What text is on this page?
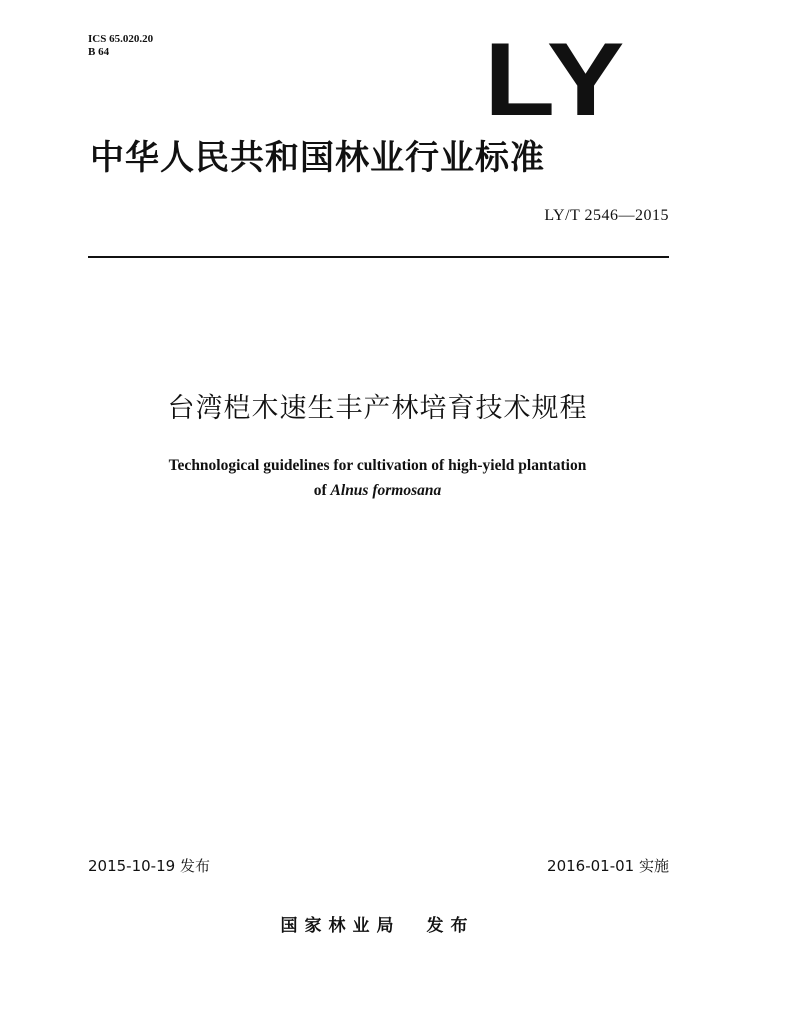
ICS 65.020.20
B 64	LY
中华人民共和国林业行业标准
LY/T 2546—2015
台湾桤木速生丰产林培育技术规程
Technological guidelines for cultivation of high-yield plantation
of Alnus formosana
2015-10-19 发布	2016-01-01 实施
国家林业局 发布
